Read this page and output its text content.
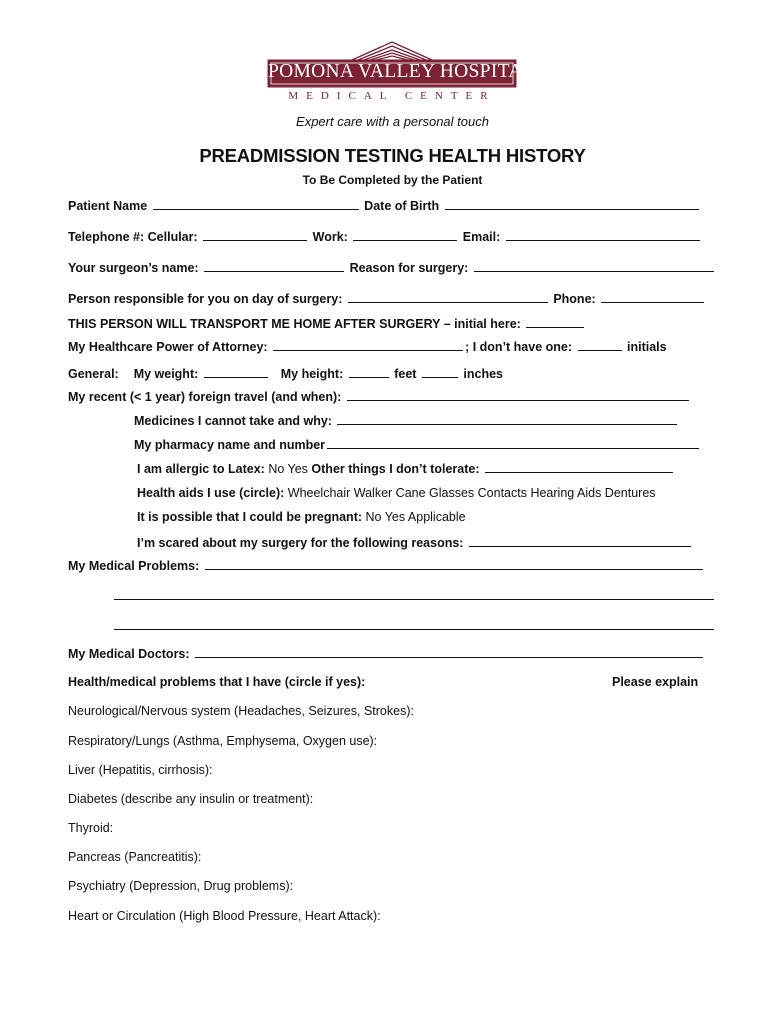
POMONA VALLEY HOSPITAL
MEDICAL CENTER
Expert care with a personal touch
PREADMISSION TESTING HEALTH HISTORY
To Be Completed by the Patient
Patient Name	Date of Birth
Telephone #: Cellular:	Work:	Email:
Your surgeon’s name:	Reason for surgery:
Person responsible for you on day of surgery:	Phone:
THIS PERSON WILL TRANSPORT ME HOME AFTER SURGERY – initial here:
My Healthcare Power of Attorney:	; I don’t have one:	initials
General: My weight:	My height:	feet	inches
My recent (< 1 year) foreign travel (and when):
Medicines I cannot take and why:
My pharmacy name and number
I am allergic to Latex: No Yes Other things I don’t tolerate:
Health aids I use (circle): Wheelchair Walker Cane Glasses Contacts Hearing Aids Dentures
It is possible that I could be pregnant: No Yes Applicable
I’m scared about my surgery for the following reasons:
My Medical Problems:
My Medical Doctors:
Health/medical problems that I have (circle if yes):	Please explain
Neurological/Nervous system (Headaches, Seizures, Strokes):
Respiratory/Lungs (Asthma, Emphysema, Oxygen use):
Liver (Hepatitis, cirrhosis):
Diabetes (describe any insulin or treatment):
Thyroid:
Pancreas (Pancreatitis):
Psychiatry (Depression, Drug problems):
Heart or Circulation (High Blood Pressure, Heart Attack):
